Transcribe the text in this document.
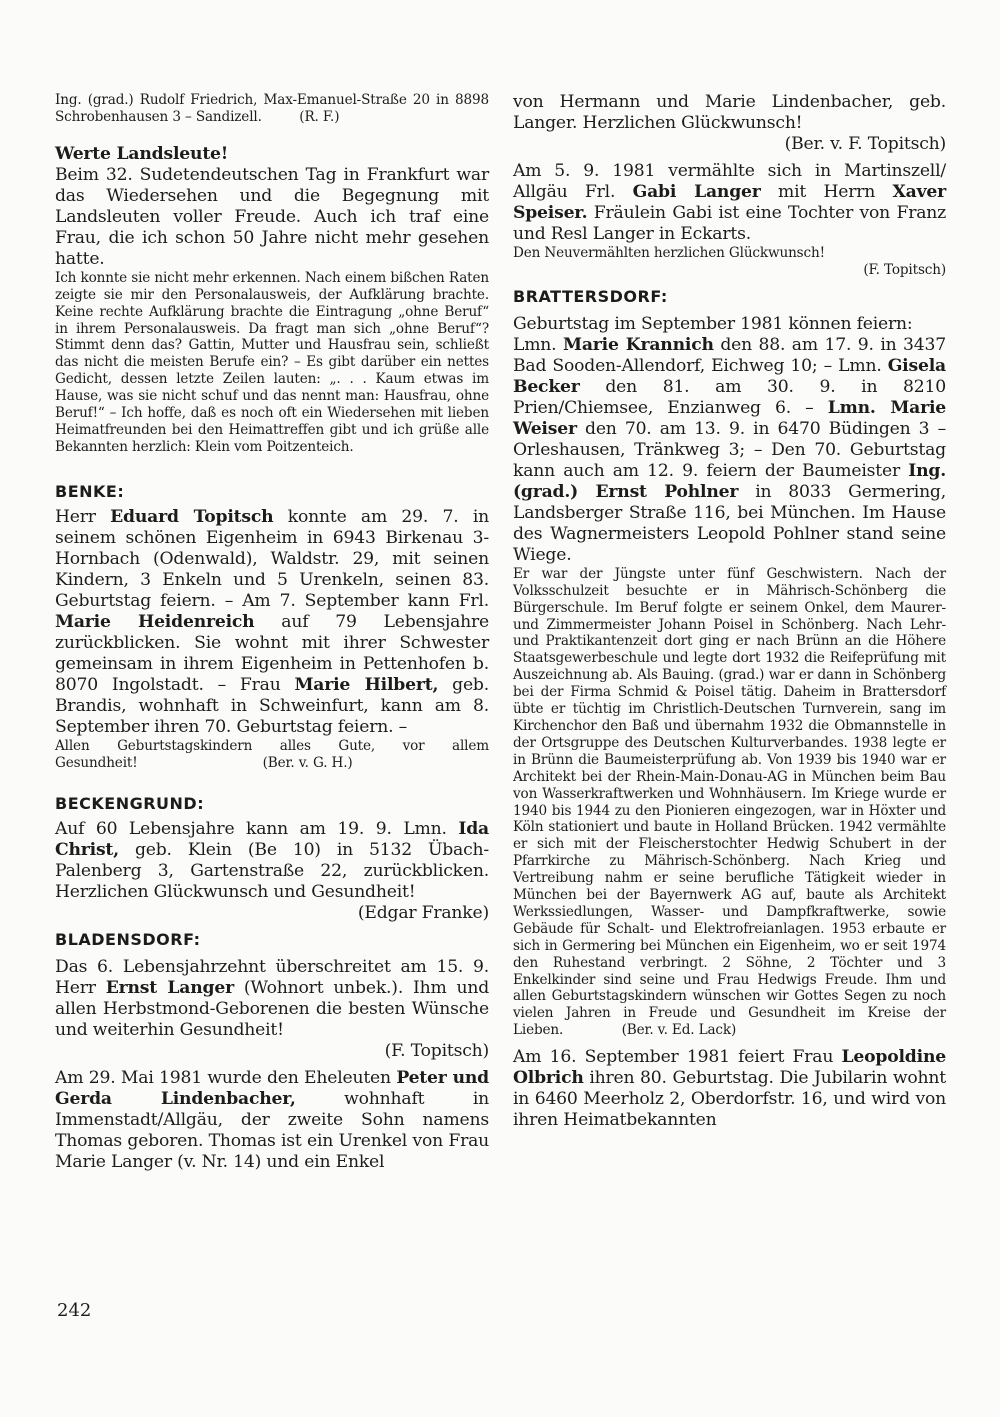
Ing. (grad.) Rudolf Friedrich, Max-Emanuel-Straße 20 in 8898 Schrobenhausen 3 – Sandizell.         (R. F.)

Werte Landsleute!

Beim 32. Sudetendeutschen Tag in Frankfurt war das Wiedersehen und die Begegnung mit Landsleuten voller Freude. Auch ich traf eine Frau, die ich schon 50 Jahre nicht mehr gesehen hatte.

Ich konnte sie nicht mehr erkennen. Nach einem bißchen Raten zeigte sie mir den Personalausweis, der Aufklärung brachte. Keine rechte Aufklärung brachte die Eintragung „ohne Beruf“ in ihrem Personalausweis. Da fragt man sich „ohne Beruf“? Stimmt denn das? Gattin, Mutter und Hausfrau sein, schließt das nicht die meisten Berufe ein? – Es gibt darüber ein nettes Gedicht, dessen letzte Zeilen lauten: „. . . Kaum etwas im Hause, was sie nicht schuf und das nennt man: Hausfrau, ohne Beruf!“ – Ich hoffe, daß es noch oft ein Wiedersehen mit lieben Heimatfreunden bei den Heimattreffen gibt und ich grüße alle Bekannten herzlich: Klein vom Poitzenteich.

BENKE:

Herr Eduard Topitsch konnte am 29. 7. in seinem schönen Eigenheim in 6943 Birkenau 3-Hornbach (Odenwald), Waldstr. 29, mit seinen Kindern, 3 Enkeln und 5 Urenkeln, seinen 83. Geburtstag feiern. – Am 7. September kann Frl. Marie Heidenreich auf 79 Lebensjahre zurückblicken. Sie wohnt mit ihrer Schwester gemeinsam in ihrem Eigenheim in Pettenhofen b. 8070 Ingolstadt. – Frau Marie Hilbert, geb. Brandis, wohnhaft in Schweinfurt, kann am 8. September ihren 70. Geburtstag feiern. –

Allen Geburtstagskindern alles Gute, vor allem Gesundheit!                              (Ber. v. G. H.)

BECKENGRUND:

Auf 60 Lebensjahre kann am 19. 9. Lmn. Ida Christ, geb. Klein (Be 10) in 5132 Übach-Palenberg 3, Gartenstraße 22, zurückblicken. Herzlichen Glückwunsch und Gesundheit!

(Edgar Franke)

BLADENSDORF:

Das 6. Lebensjahrzehnt überschreitet am 15. 9. Herr Ernst Langer (Wohnort unbek.). Ihm und allen Herbstmond-Geborenen die besten Wünsche und weiterhin Gesundheit!

(F. Topitsch)

Am 29. Mai 1981 wurde den Eheleuten Peter und Gerda Lindenbacher, wohnhaft in Immenstadt/Allgäu, der zweite Sohn namens Thomas geboren. Thomas ist ein Urenkel von Frau Marie Langer (v. Nr. 14) und ein Enkel

von Hermann und Marie Lindenbacher, geb. Langer. Herzlichen Glückwunsch!

(Ber. v. F. Topitsch)

Am 5. 9. 1981 vermählte sich in Martinszell/ Allgäu Frl. Gabi Langer mit Herrn Xaver Speiser. Fräulein Gabi ist eine Tochter von Franz und Resl Langer in Eckarts.

Den Neuvermählten herzlichen Glückwunsch!

(F. Topitsch)

BRATTERSDORF:

Geburtstag im September 1981 können feiern:

Lmn. Marie Krannich den 88. am 17. 9. in 3437 Bad Sooden-Allendorf, Eichweg 10; – Lmn. Gisela Becker den 81. am 30. 9. in 8210 Prien/Chiemsee, Enzianweg 6. – Lmn. Marie Weiser den 70. am 13. 9. in 6470 Büdingen 3 – Orleshausen, Tränkweg 3; – Den 70. Geburtstag kann auch am 12. 9. feiern der Baumeister Ing. (grad.) Ernst Pohlner in 8033 Germering, Landsberger Straße 116, bei München. Im Hause des Wagnermeisters Leopold Pohlner stand seine Wiege.

Er war der Jüngste unter fünf Geschwistern. Nach der Volksschulzeit besuchte er in Mährisch-Schönberg die Bürgerschule. Im Beruf folgte er seinem Onkel, dem Maurer- und Zimmermeister Johann Poisel in Schönberg. Nach Lehr- und Praktikantenzeit dort ging er nach Brünn an die Höhere Staatsgewerbeschule und legte dort 1932 die Reifeprüfung mit Auszeichnung ab. Als Bauing. (grad.) war er dann in Schönberg bei der Firma Schmid & Poisel tätig. Daheim in Brattersdorf übte er tüchtig im Christlich-Deutschen Turnverein, sang im Kirchenchor den Baß und übernahm 1932 die Obmannstelle in der Ortsgruppe des Deutschen Kulturverbandes. 1938 legte er in Brünn die Baumeisterprüfung ab. Von 1939 bis 1940 war er Architekt bei der Rhein-Main-Donau-AG in München beim Bau von Wasserkraftwerken und Wohnhäusern. Im Kriege wurde er 1940 bis 1944 zu den Pionieren eingezogen, war in Höxter und Köln stationiert und baute in Holland Brücken. 1942 vermählte er sich mit der Fleischerstochter Hedwig Schubert in der Pfarrkirche zu Mährisch-Schönberg. Nach Krieg und Vertreibung nahm er seine berufliche Tätigkeit wieder in München bei der Bayernwerk AG auf, baute als Architekt Werkssiedlungen, Wasser- und Dampfkraftwerke, sowie Gebäude für Schalt- und Elektrofreianlagen. 1953 erbaute er sich in Germering bei München ein Eigenheim, wo er seit 1974 den Ruhestand verbringt. 2 Söhne, 2 Töchter und 3 Enkelkinder sind seine und Frau Hedwigs Freude. Ihm und allen Geburtstagskindern wünschen wir Gottes Segen zu noch vielen Jahren in Freude und Gesundheit im Kreise der Lieben.              (Ber. v. Ed. Lack)

Am 16. September 1981 feiert Frau Leopoldine Olbrich ihren 80. Geburtstag. Die Jubilarin wohnt in 6460 Meerholz 2, Oberdorfstr. 16, und wird von ihren Heimatbekannten

242
